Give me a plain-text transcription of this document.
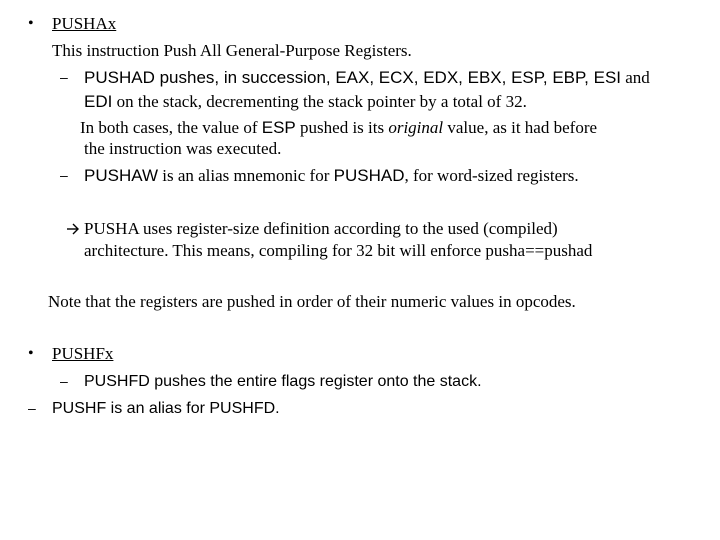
• PUSHAx
This instruction Push All General-Purpose Registers.
– PUSHAD pushes, in succession, EAX, ECX, EDX, EBX, ESP, EBP, ESI and
EDI on the stack, decrementing the stack pointer by a total of 32.
In both cases, the value of ESP pushed is its original value, as it had before
the instruction was executed.
– PUSHAW is an alias mnemonic for PUSHAD, for word-sized registers.
PUSHA uses register-size definition according to the used (compiled)
architecture. This means, compiling for 32 bit will enforce pusha==pushad
Note that the registers are pushed in order of their numeric values in opcodes.
• PUSHFx
– PUSHFD pushes the entire flags register onto the stack.
– PUSHF is an alias for PUSHFD.
